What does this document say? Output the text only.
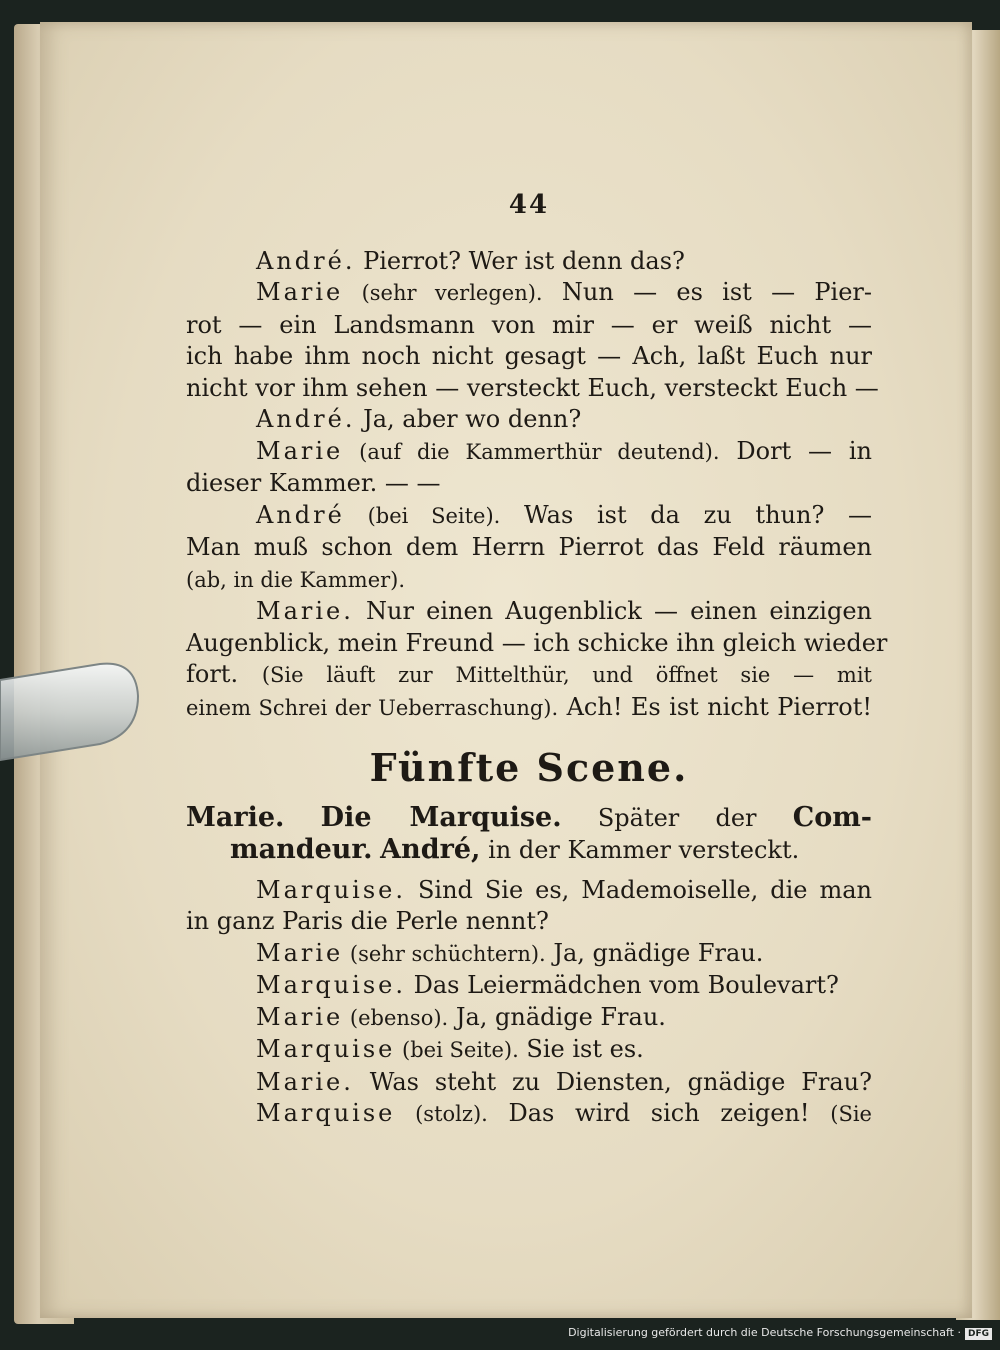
44
André. Pierrot? Wer ist denn das?
Marie (sehr verlegen). Nun — es ist — Pier-
rot — ein Landsmann von mir — er weiß nicht —
ich habe ihm noch nicht gesagt — Ach, laßt Euch nur
nicht vor ihm sehen — versteckt Euch, versteckt Euch —
André. Ja, aber wo denn?
Marie (auf die Kammerthür deutend). Dort — in
dieser Kammer. — —
André (bei Seite). Was ist da zu thun? —
Man muß schon dem Herrn Pierrot das Feld räumen
(ab, in die Kammer).
Marie. Nur einen Augenblick — einen einzigen
Augenblick, mein Freund — ich schicke ihn gleich wieder
fort. (Sie läuft zur Mittelthür, und öffnet sie — mit
einem Schrei der Ueberraschung). Ach! Es ist nicht Pierrot!
Fünfte Scene.
Marie. Die Marquise. Später der Com-
mandeur. André, in der Kammer versteckt.
Marquise. Sind Sie es, Mademoiselle, die man
in ganz Paris die Perle nennt?
Marie (sehr schüchtern). Ja, gnädige Frau.
Marquise. Das Leiermädchen vom Boulevart?
Marie (ebenso). Ja, gnädige Frau.
Marquise (bei Seite). Sie ist es.
Marie. Was steht zu Diensten, gnädige Frau?
Marquise (stolz). Das wird sich zeigen! (Sie
Digitalisierung gefördert durch die Deutsche Forschungsgemeinschaft · DFG
